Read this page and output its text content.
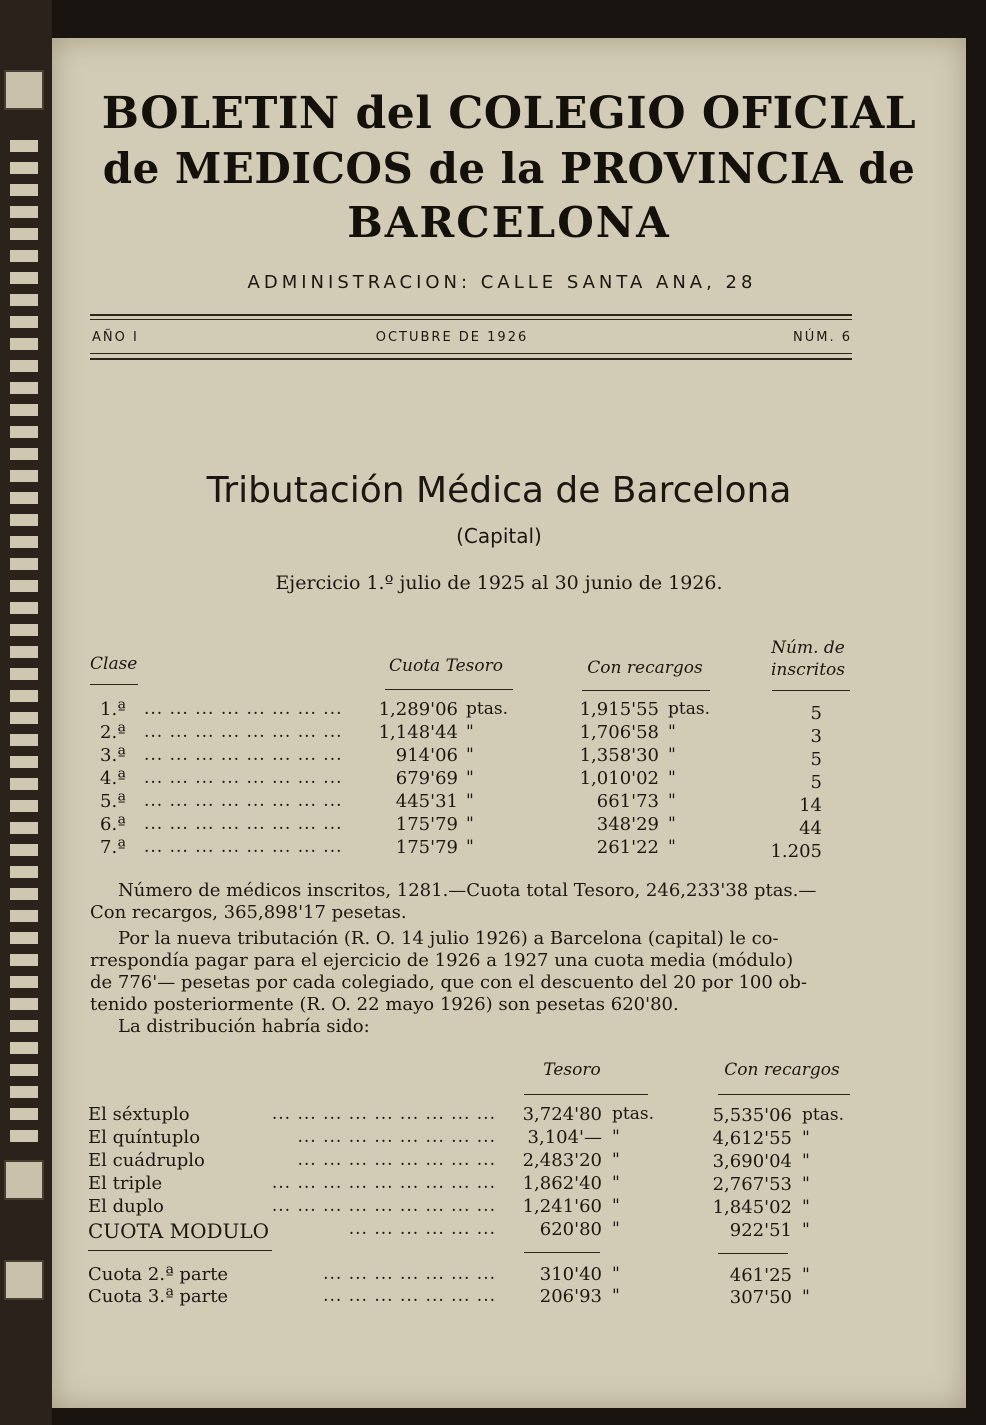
BOLETIN del COLEGIO OFICIAL
de MEDICOS de la PROVINCIA de
BARCELONA
ADMINISTRACION: CALLE SANTA ANA, 28
AÑO I	OCTUBRE DE 1926	NÚM. 6
Tributación Médica de Barcelona
(Capital)
Ejercicio 1.º julio de 1925 al 30 junio de 1926.
Clase	Cuota Tesoro	Con recargos
Núm. de
inscritos
1.ª ... ... ... ... ... ... ... ...	1,289'06 ptas.	1,915'55 ptas.	5
2.ª ... ... ... ... ... ... ... ...	1,148'44 "	1,706'58 "	3
3.ª ... ... ... ... ... ... ... ...	914'06 "	1,358'30 "	5
4.ª ... ... ... ... ... ... ... ...	679'69 "	1,010'02 "	5
5.ª ... ... ... ... ... ... ... ...	445'31 "	661'73 "	14
6.ª ... ... ... ... ... ... ... ...	175'79 "	348'29 "	44
7.ª ... ... ... ... ... ... ... ...	175'79 "	261'22 "	1.205
Número de médicos inscritos, 1281.—Cuota total Tesoro, 246,233'38 ptas.—
Con recargos, 365,898'17 pesetas.
Por la nueva tributación (R. O. 14 julio 1926) a Barcelona (capital) le co-
rrespondía pagar para el ejercicio de 1926 a 1927 una cuota media (módulo)
de 776'— pesetas por cada colegiado, que con el descuento del 20 por 100 ob-
tenido posteriormente (R. O. 22 mayo 1926) son pesetas 620'80.
La distribución habría sido:
Tesoro	Con recargos
El séxtuplo	... ... ... ... ... ... ... ... ...	3,724'80 ptas.	5,535'06 ptas.
El quíntuplo	... ... ... ... ... ... ... ...	3,104'— "	4,612'55 "
El cuádruplo	... ... ... ... ... ... ... ...	2,483'20 "	3,690'04 "
El triple	... ... ... ... ... ... ... ... ...	1,862'40 "	2,767'53 "
El duplo	... ... ... ... ... ... ... ... ...	1,241'60 "	1,845'02 "
CUOTA MODULO	... ... ... ... ... ...	620'80 "	922'51 "
Cuota 2.ª parte	... ... ... ... ... ... ...	310'40 "	461'25 "
Cuota 3.ª parte	... ... ... ... ... ... ...	206'93 "	307'50 "
